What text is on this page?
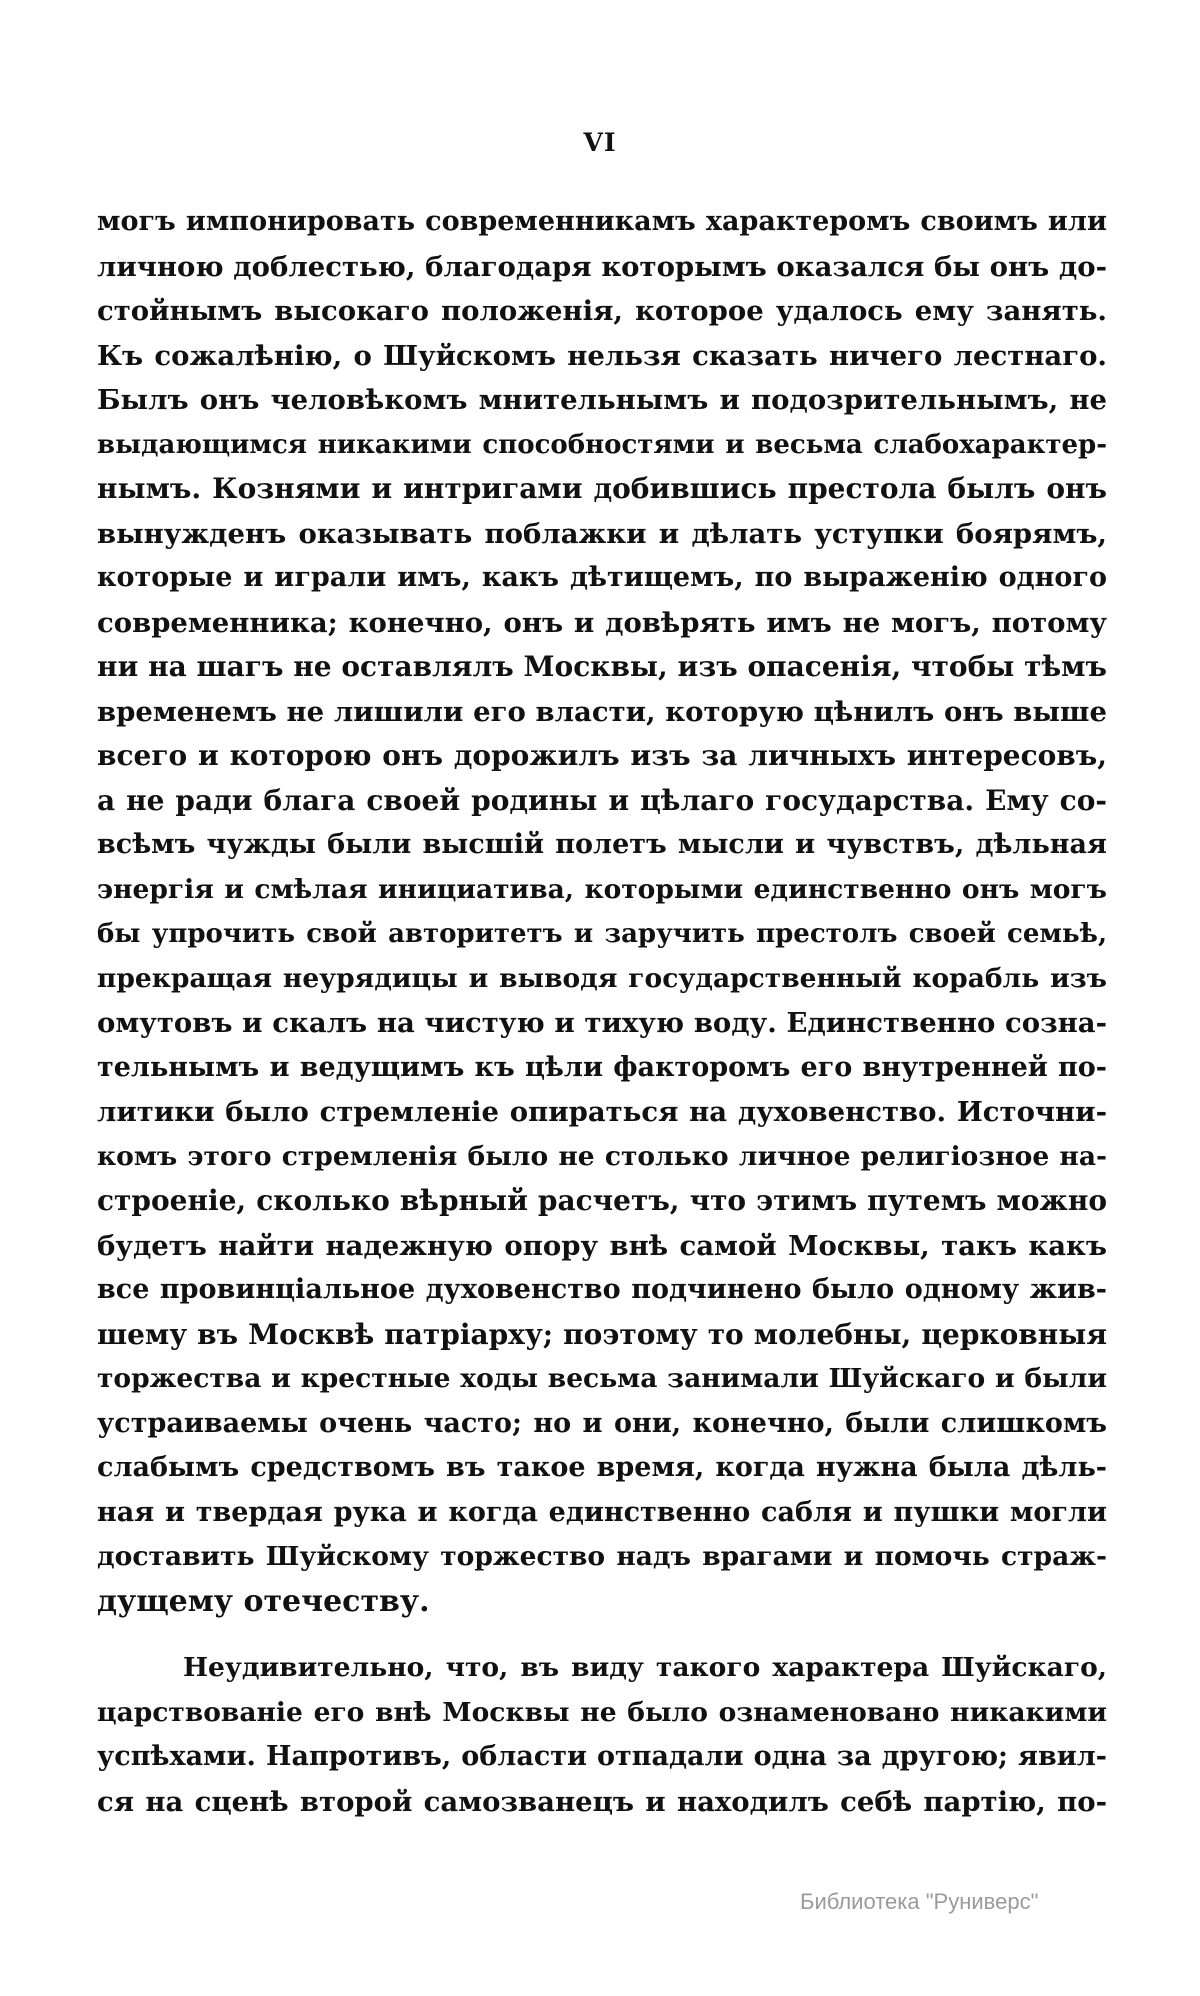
VI
могъ импонировать современникамъ характеромъ своимъ или
личною доблестью, благодаря которымъ оказался бы онъ до-
стойнымъ высокаго положенія, которое удалось ему занять.
Къ сожалѣнію, о Шуйскомъ нельзя сказать ничего лестнаго.
Былъ онъ человѣкомъ мнительнымъ и подозрительнымъ, не
выдающимся никакими способностями и весьма слабохарактер-
нымъ. Кознями и интригами добившись престола былъ онъ
вынужденъ оказывать поблажки и дѣлать уступки боярямъ,
которые и играли имъ, какъ дѣтищемъ, по выраженію одного
современника; конечно, онъ и довѣрять имъ не могъ, потому
ни на шагъ не оставлялъ Москвы, изъ опасенія, чтобы тѣмъ
временемъ не лишили его власти, которую цѣнилъ онъ выше
всего и которою онъ дорожилъ изъ за личныхъ интересовъ,
а не ради блага своей родины и цѣлаго государства. Ему со-
всѣмъ чужды были высшій полетъ мысли и чувствъ, дѣльная
энергія и смѣлая инициатива, которыми единственно онъ могъ
бы упрочить свой авторитетъ и заручить престолъ своей семьѣ,
прекращая неурядицы и выводя государственный корабль изъ
омутовъ и скалъ на чистую и тихую воду. Единственно созна-
тельнымъ и ведущимъ къ цѣли факторомъ его внутренней по-
литики было стремленіе опираться на духовенство. Источни-
комъ этого стремленія было не столько личное религіозное на-
строеніе, сколько вѣрный расчетъ, что этимъ путемъ можно
будетъ найти надежную опору внѣ самой Москвы, такъ какъ
все провинціальное духовенство подчинено было одному жив-
шему въ Москвѣ патріарху; поэтому то молебны, церковныя
торжества и крестные ходы весьма занимали Шуйскаго и были
устраиваемы очень часто; но и они, конечно, были слишкомъ
слабымъ средствомъ въ такое время, когда нужна была дѣль-
ная и твердая рука и когда единственно сабля и пушки могли
доставить Шуйскому торжество надъ врагами и помочь страж-
дущему отечеству.
Неудивительно, что, въ виду такого характера Шуйскаго,
царствованіе его внѣ Москвы не было ознаменовано никакими
успѣхами. Напротивъ, области отпадали одна за другою; явил-
ся на сценѣ второй самозванецъ и находилъ себѣ партію, по-
Библиотека "Руниверс"
